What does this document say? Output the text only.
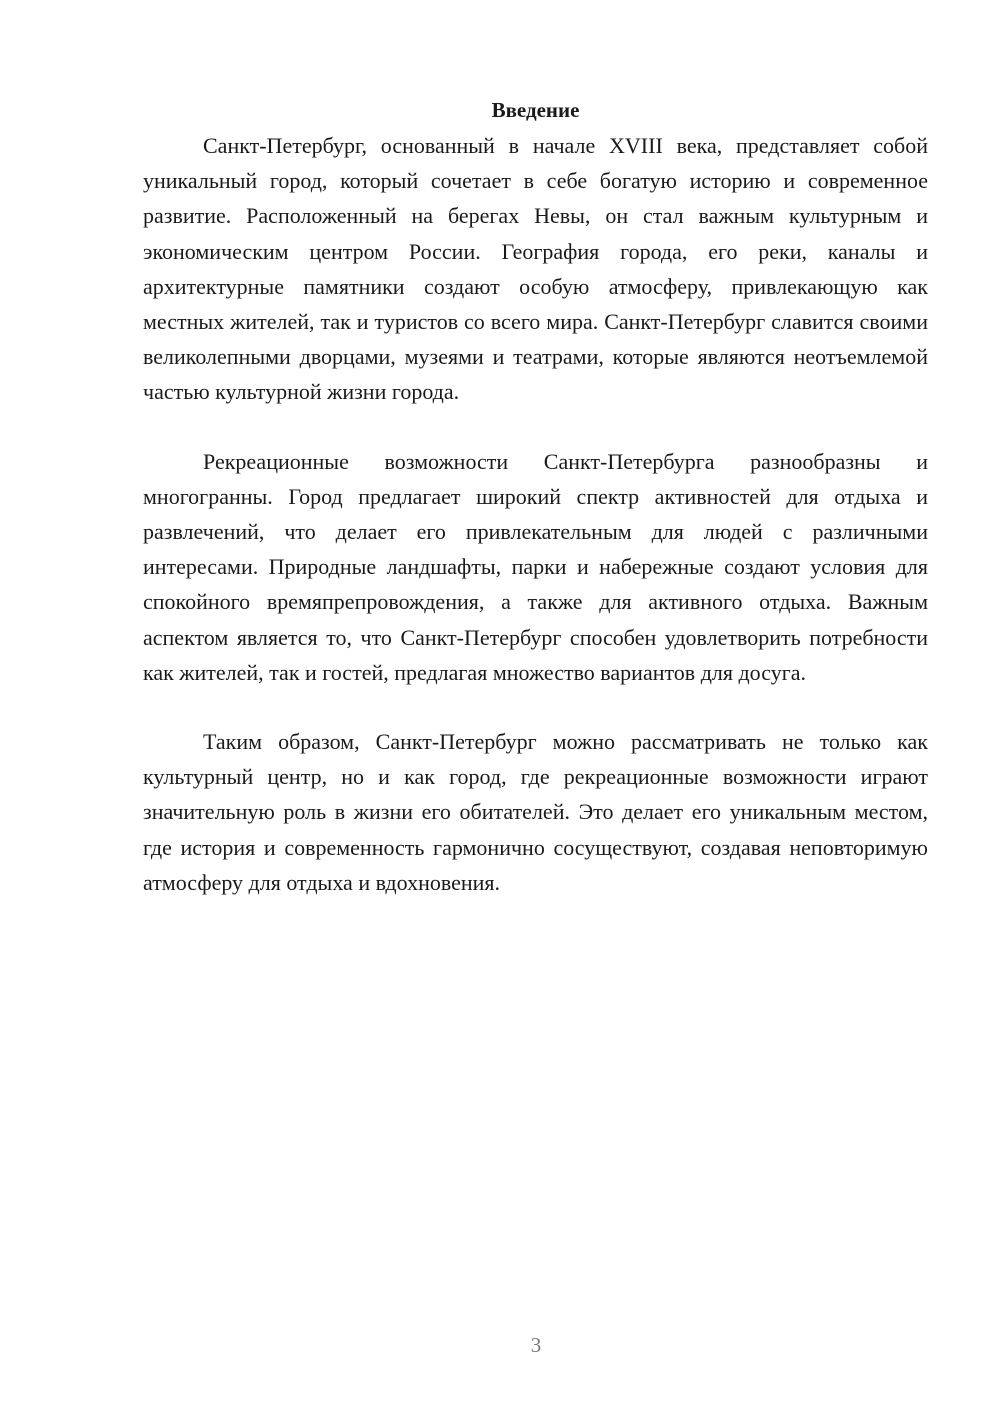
Введение

Санкт-Петербург, основанный в начале XVIII века, представляет собой уникальный город, который сочетает в себе богатую историю и современное развитие. Расположенный на берегах Невы, он стал важным культурным и экономическим центром России. География города, его реки, каналы и архитектурные памятники создают особую атмосферу, привлекающую как местных жителей, так и туристов со всего мира. Санкт-Петербург славится своими великолепными дворцами, музеями и театрами, которые являются неотъемлемой частью культурной жизни города.

Рекреационные возможности Санкт-Петербурга разнообразны и многогранны. Город предлагает широкий спектр активностей для отдыха и развлечений, что делает его привлекательным для людей с различными интересами. Природные ландшафты, парки и набережные создают условия для спокойного времяпрепровождения, а также для активного отдыха. Важным аспектом является то, что Санкт-Петербург способен удовлетворить потребности как жителей, так и гостей, предлагая множество вариантов для досуга.

Таким образом, Санкт-Петербург можно рассматривать не только как культурный центр, но и как город, где рекреационные возможности играют значительную роль в жизни его обитателей. Это делает его уникальным местом, где история и современность гармонично сосуществуют, создавая неповторимую атмосферу для отдыха и вдохновения.

3
